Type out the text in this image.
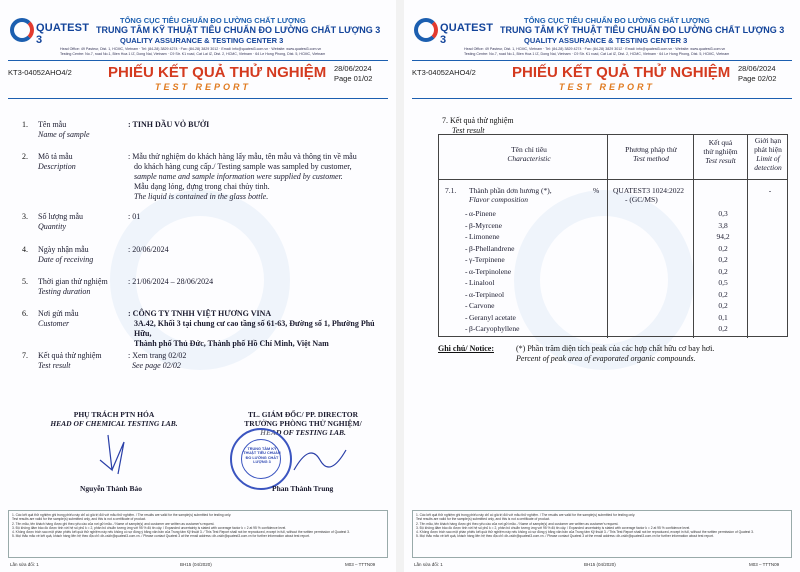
QUATEST 3
TỔNG CỤC TIÊU CHUẨN ĐO LƯỜNG CHẤT LƯỢNG
TRUNG TÂM KỸ THUẬT TIÊU CHUẨN ĐO LƯỜNG CHẤT LƯỢNG 3
QUALITY ASSURANCE & TESTING CENTER 3
Head Office: 49 Pasteur, Dist. 1, HCMC, Vietnam · Tel: (84-28) 3829 4274 · Fax: (84-28) 3829 3012 · Email: info@quatest3.com.vn · Website: www.quatest3.com.vn
Testing Centre: No.7, road No.1, Bien Hoa 1 IZ, Dong Nai, Vietnam · C9 Str. K1 road, Cat Lai IZ, Dist. 2, HCMC, Vietnam · 64 Le Hong Phong, Dist. 5, HCMC, Vietnam
KT3-04052AHO4/2 PHIẾU KẾT QUẢ THỬ NGHIỆM
TEST REPORT
28/06/2024
Page 01/02
1. Tên mẫu
Name of sample
: TINH DẦU VỎ BƯỞI
2. Mô tả mẫu
Description
: Mẫu thử nghiệm do khách hàng lấy mẫu, tên mẫu và thông tin về mẫu
do khách hàng cung cấp./ Testing sample was sampled by customer,
sample name and sample information were supplied by customer.
Mẫu dạng lỏng, đựng trong chai thủy tinh.
The liquid is contained in the glass bottle.
3. Số lượng mẫu
Quantity
: 01
4. Ngày nhận mẫu
Date of receiving
: 20/06/2024
5. Thời gian thử nghiệm
Testing duration
: 21/06/2024 – 28/06/2024
6. Nơi gửi mẫu
Customer
: CÔNG TY TNHH VIỆT HƯƠNG VINA
3A.42, Khối 3 tại chung cư cao tầng số 61-63, Đường số 1, Phường Phú Hữu,
Thành phố Thủ Đức, Thành phố Hồ Chí Minh, Việt Nam
7. Kết quả thử nghiệm
Test result
: Xem trang 02/02
See page 02/02
PHỤ TRÁCH PTN HÓA
HEAD OF CHEMICAL TESTING LAB.
Nguyễn Thành Bảo
TL. GIÁM ĐỐC/ PP. DIRECTOR
TRƯỞNG PHÒNG THỬ NGHIỆM/
HEAD OF TESTING LAB.
TRUNG TÂM KỸ THUẬT TIÊU CHUẨN ĐO LƯỜNG CHẤT LƯỢNG 3
Phan Thành Trung
1. Các kết quả thử nghiệm ghi trong phiếu này chỉ có giá trị đối với mẫu thử nghiệm. / The results are valid for the sample(s) submitted for testing only.
Test results are valid for the sample(s) submitted only, and this is not a certificate of product.
2. Tên mẫu, tên khách hàng được ghi theo yêu cầu của nơi gửi mẫu. / Name of sample(s) and customer are written as customer's request.
3. Độ không đảm bảo đo được tính với hệ số phủ k = 2, phân bố chuẩn tương ứng với 95 % độ tin cậy. / Expanded uncertainty is stated with coverage factor k = 2 at 95 % confidence level.
4. Không được trích sao một phần phiếu kết quả thử nghiệm này nếu không có sự đồng ý bằng văn bản của Trung tâm Kỹ thuật 3. / This Test Report shall not be reproduced, except in full, without the written permission of Quatest 3.
5. Mọi thắc mắc về kết quả, khách hàng liên hệ theo địa chỉ: dh-cskh@quatest3.com.vn. / Please contact Quatest 3 at the email address: dh-cskh@quatest3.com.vn for further information about test report.
Lần sửa đổi: 1	BH15 (04/2020)	M03 – TTTN09
QUATEST 3
TỔNG CỤC TIÊU CHUẨN ĐO LƯỜNG CHẤT LƯỢNG
TRUNG TÂM KỸ THUẬT TIÊU CHUẨN ĐO LƯỜNG CHẤT LƯỢNG 3
QUALITY ASSURANCE & TESTING CENTER 3
Head Office: 49 Pasteur, Dist. 1, HCMC, Vietnam · Tel: (84-28) 3829 4274 · Fax: (84-28) 3829 3012 · Email: info@quatest3.com.vn · Website: www.quatest3.com.vn
Testing Centre: No.7, road No.1, Bien Hoa 1 IZ, Dong Nai, Vietnam · C9 Str. K1 road, Cat Lai IZ, Dist. 2, HCMC, Vietnam · 64 Le Hong Phong, Dist. 5, HCMC, Vietnam
KT3-04052AHO4/2 PHIẾU KẾT QUẢ THỬ NGHIỆM
TEST REPORT
28/06/2024
Page 02/02
7. Kết quả thử nghiệm
Test result
Tên chỉ tiêu
Characteristic
Phương pháp thử
Test method
Kết quả
thử nghiệm
Test result
Giới hạn
phát hiện
Limit of
detection
7.1. Thành phần dơn hương (*),	% QUATEST3 1024:2022	-
Flavor composition	- (GC/MS)
- α-Pinene	0,3
- β-Myrcene	3,8
- Limonene	94,2
- β-Phellandrene	0,2
- γ-Terpinene	0,2
- α-Terpinolene	0,2
- Linalool	0,5
- α-Terpineol	0,2
- Carvone	0,2
- Geranyl acetate	0,1
- β-Caryophyllene	0,2
Ghi chú/ Notice:	(*) Phần trăm diện tích peak của các hợp chất hữu cơ bay hơi.
Percent of peak area of evaporated organic compounds.
1. Các kết quả thử nghiệm ghi trong phiếu này chỉ có giá trị đối với mẫu thử nghiệm. / The results are valid for the sample(s) submitted for testing only.
Test results are valid for the sample(s) submitted only, and this is not a certificate of product.
2. Tên mẫu, tên khách hàng được ghi theo yêu cầu của nơi gửi mẫu. / Name of sample(s) and customer are written as customer's request.
3. Độ không đảm bảo đo được tính với hệ số phủ k = 2, phân bố chuẩn tương ứng với 95 % độ tin cậy. / Expanded uncertainty is stated with coverage factor k = 2 at 95 % confidence level.
4. Không được trích sao một phần phiếu kết quả thử nghiệm này nếu không có sự đồng ý bằng văn bản của Trung tâm Kỹ thuật 3. / This Test Report shall not be reproduced, except in full, without the written permission of Quatest 3.
5. Mọi thắc mắc về kết quả, khách hàng liên hệ theo địa chỉ: dh-cskh@quatest3.com.vn. / Please contact Quatest 3 at the email address: dh-cskh@quatest3.com.vn for further information about test report.
Lần sửa đổi: 1	BH15 (04/2020)	M03 – TTTN09
